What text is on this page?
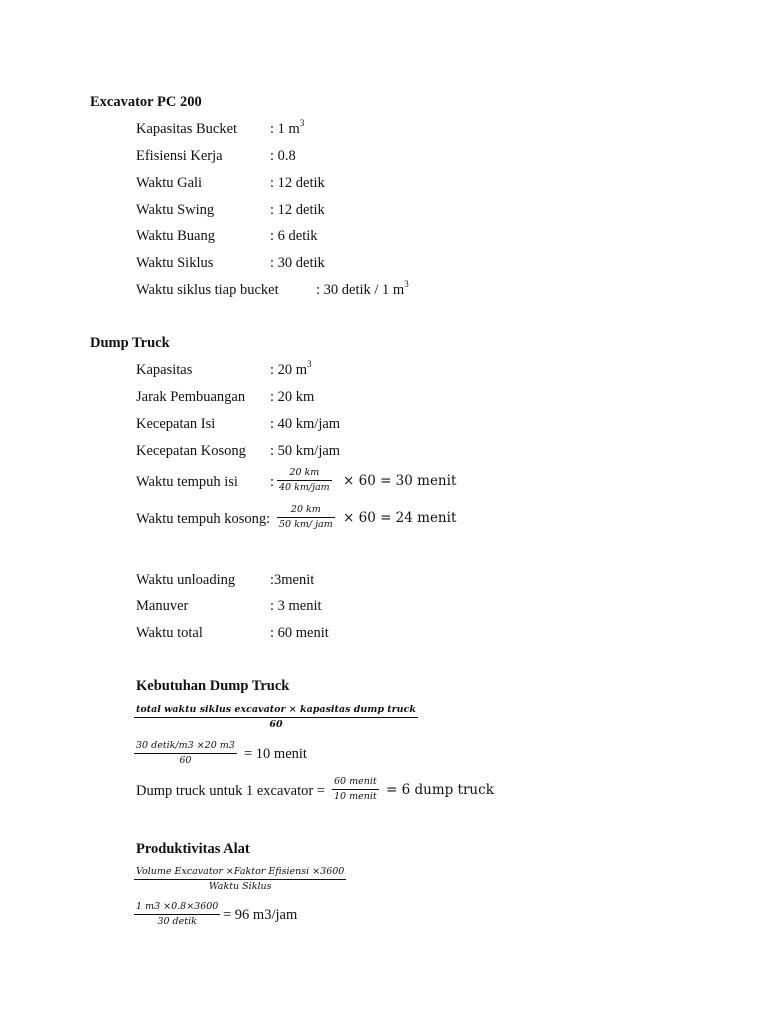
Excavator PC 200
Kapasitas Bucket : 1 $m^3$
Efisiensi Kerja	: 0.8
Waktu Gali	: 12 detik
Waktu Swing	: 12 detik
Waktu Buang	: 6 detik
Waktu Siklus	: 30 detik
Waktu siklus tiap bucket	: 30 detik / 1 $m^3$
Dump Truck
Kapasitas	: 20 $m^3$
Jarak Pembuangan : 20 km
Kecepatan Isi	: 40 km/jam
Kecepatan Kosong : 50 km/jam
Waktu tempuh isi :
20 km
40 km/jam × 60 = 30 menit
Waktu tempuh kosong:
20 km
50 km/ jam × 60 = 24 menit
Waktu unloading :3menit
Manuver	: 3 menit
Waktu total	: 60 menit
Kebutuhan Dump Truck
total waktu siklus excavator × kapasitas dump truck
60
30 detik/m3 ×20 m3
60	= 10 menit
Dump truck untuk 1 excavator =
60 menit
10 menit = 6 dump truck
Produktivitas Alat
Volume Excavator ×Faktor Efisiensi ×3600
Waktu Siklus
1 m3 ×0.8×3600
30 detik	= 96 m3/jam
